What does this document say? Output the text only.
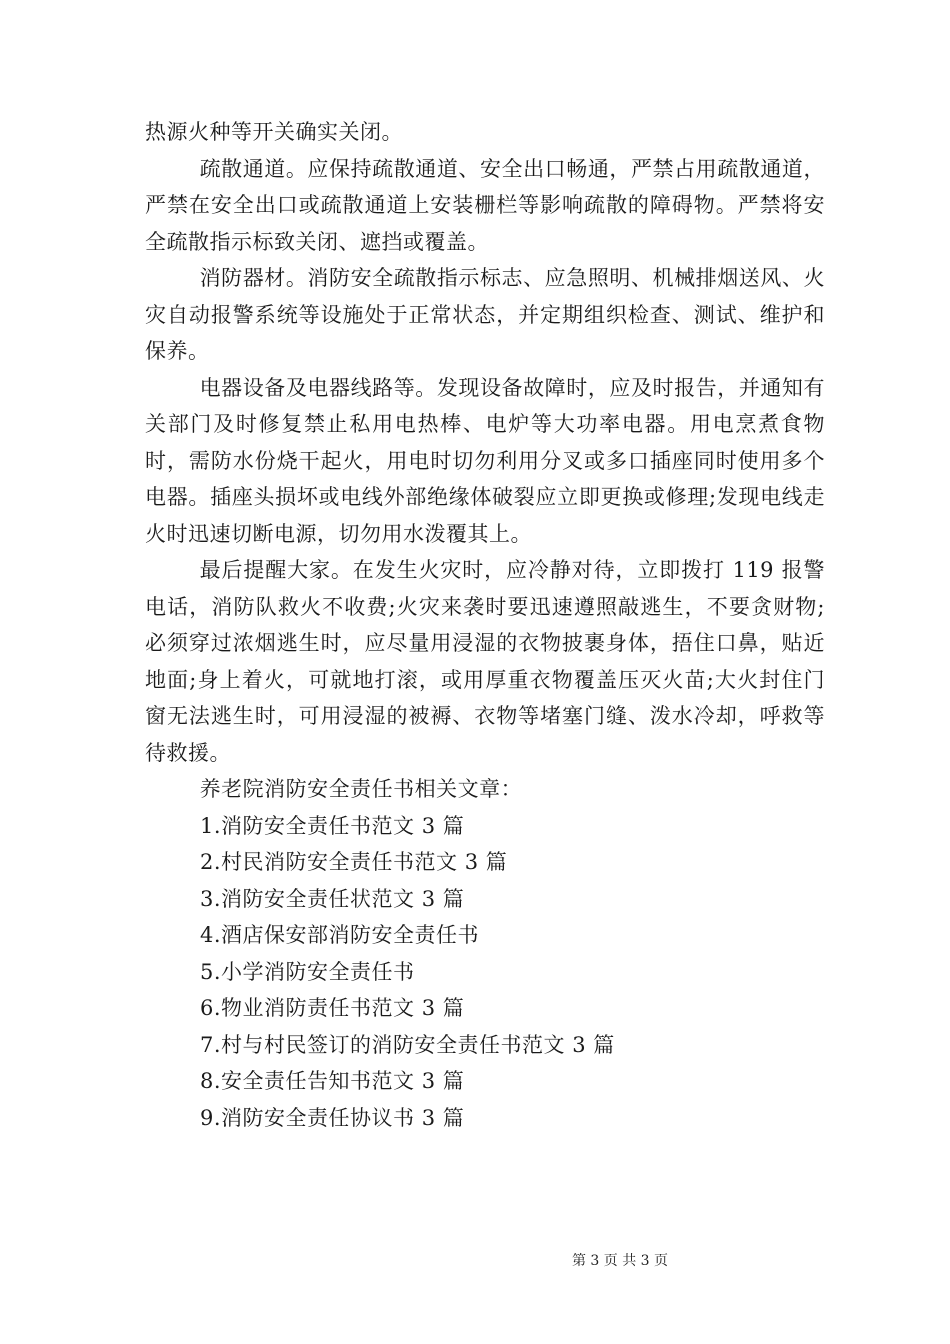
热源火种等开关确实关闭。

疏散通道。应保持疏散通道、安全出口畅通，严禁占用疏散通道，严禁在安全出口或疏散通道上安装栅栏等影响疏散的障碍物。严禁将安全疏散指示标致关闭、遮挡或覆盖。

消防器材。消防安全疏散指示标志、应急照明、机械排烟送风、火灾自动报警系统等设施处于正常状态，并定期组织检查、测试、维护和保养。

电器设备及电器线路等。发现设备故障时，应及时报告，并通知有关部门及时修复禁止私用电热棒、电炉等大功率电器。用电烹煮食物时，需防水份烧干起火，用电时切勿利用分叉或多口插座同时使用多个电器。插座头损坏或电线外部绝缘体破裂应立即更换或修理;发现电线走火时迅速切断电源，切勿用水泼覆其上。

最后提醒大家。在发生火灾时，应冷静对待，立即拨打 119 报警电话，消防队救火不收费;火灾来袭时要迅速遵照敲逃生，不要贪财物;必须穿过浓烟逃生时，应尽量用浸湿的衣物披裹身体，捂住口鼻，贴近地面;身上着火，可就地打滚，或用厚重衣物覆盖压灭火苗;大火封住门窗无法逃生时，可用浸湿的被褥、衣物等堵塞门缝、泼水冷却，呼救等待救援。

养老院消防安全责任书相关文章：

1.消防安全责任书范文 3 篇
2.村民消防安全责任书范文 3 篇
3.消防安全责任状范文 3 篇
4.酒店保安部消防安全责任书
5.小学消防安全责任书
6.物业消防责任书范文 3 篇
7.村与村民签订的消防安全责任书范文 3 篇
8.安全责任告知书范文 3 篇
9.消防安全责任协议书 3 篇
第 3 页 共 3 页
